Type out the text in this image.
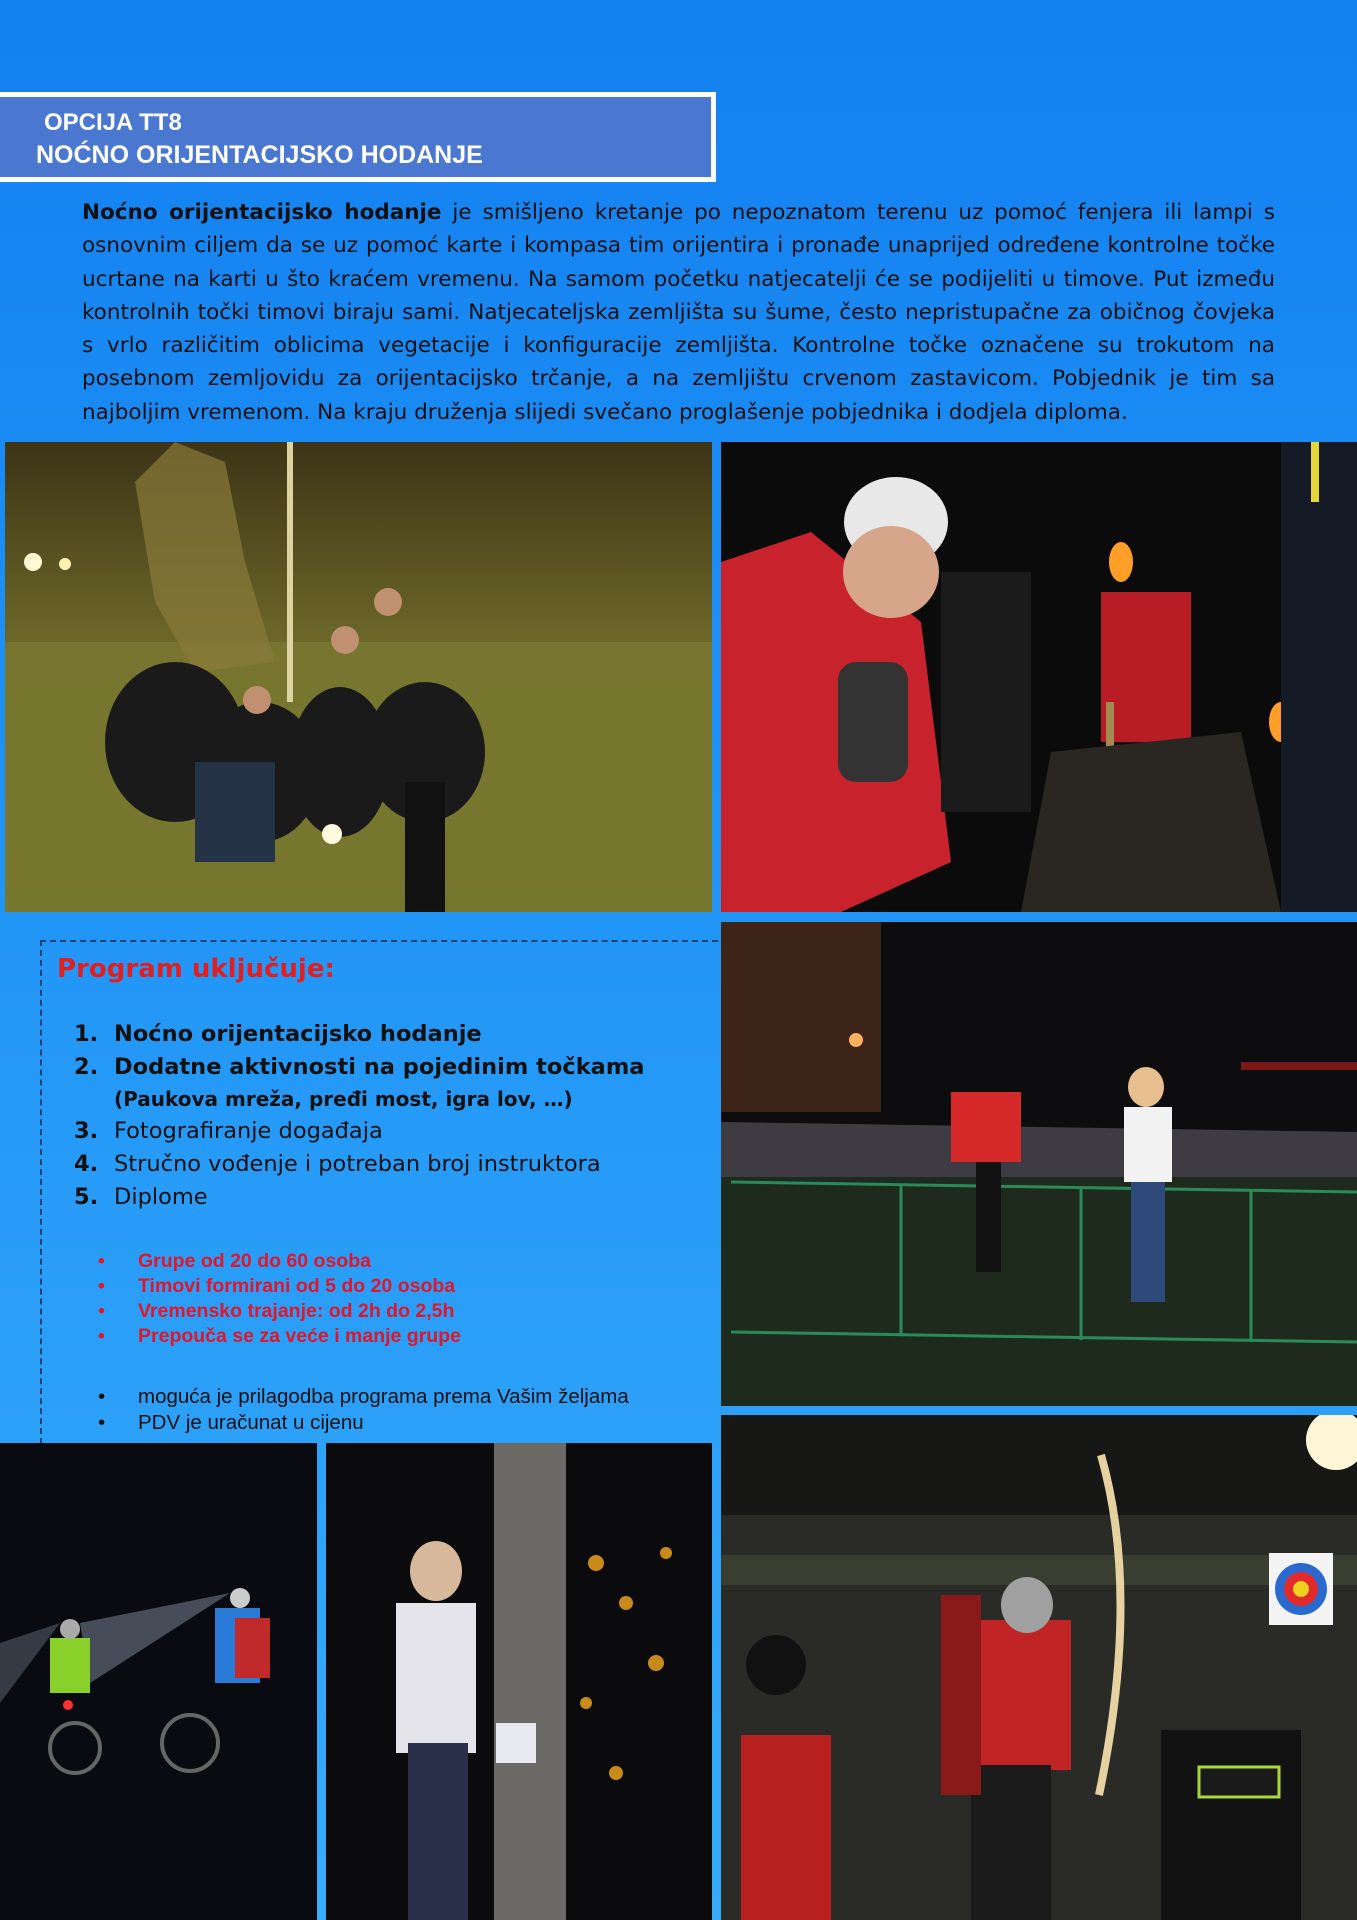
OPCIJA TT8
NOĆNO ORIJENTACIJSKO HODANJE
Noćno orijentacijsko hodanje je smišljeno kretanje po nepoznatom terenu uz pomoć fenjera ili lampi s osnovnim ciljem da se uz pomoć karte i kompasa tim orijentira i pronađe unaprijed određene kontrolne točke ucrtane na karti u što kraćem vremenu. Na samom početku natjecatelji će se podijeliti u timove. Put između kontrolnih točki timovi biraju sami. Natjecateljska zemljišta su šume, često nepristupačne za običnog čovjeka s vrlo različitim oblicima vegetacije i konfiguracije zemljišta. Kontrolne točke označene su trokutom na posebnom zemljovidu za orijentacijsko trčanje, a na zemljištu crvenom zastavicom. Pobjednik je tim sa najboljim vremenom. Na kraju druženja slijedi svečano proglašenje pobjednika i dodjela diploma.
Program uključuje:
1. Noćno orijentacijsko hodanje
2. Dodatne aktivnosti na pojedinim točkama
(Paukova mreža, pređi most, igra lov, …)
3. Fotografiranje događaja
4. Stručno vođenje i potreban broj instruktora
5. Diplome
• Grupe od 20 do 60 osoba
• Timovi formirani od 5 do 20 osoba
• Vremensko trajanje: od 2h do 2,5h
• Prepouča se za veće i manje grupe
• moguća je prilagodba programa prema Vašim željama
• PDV je uračunat u cijenu
